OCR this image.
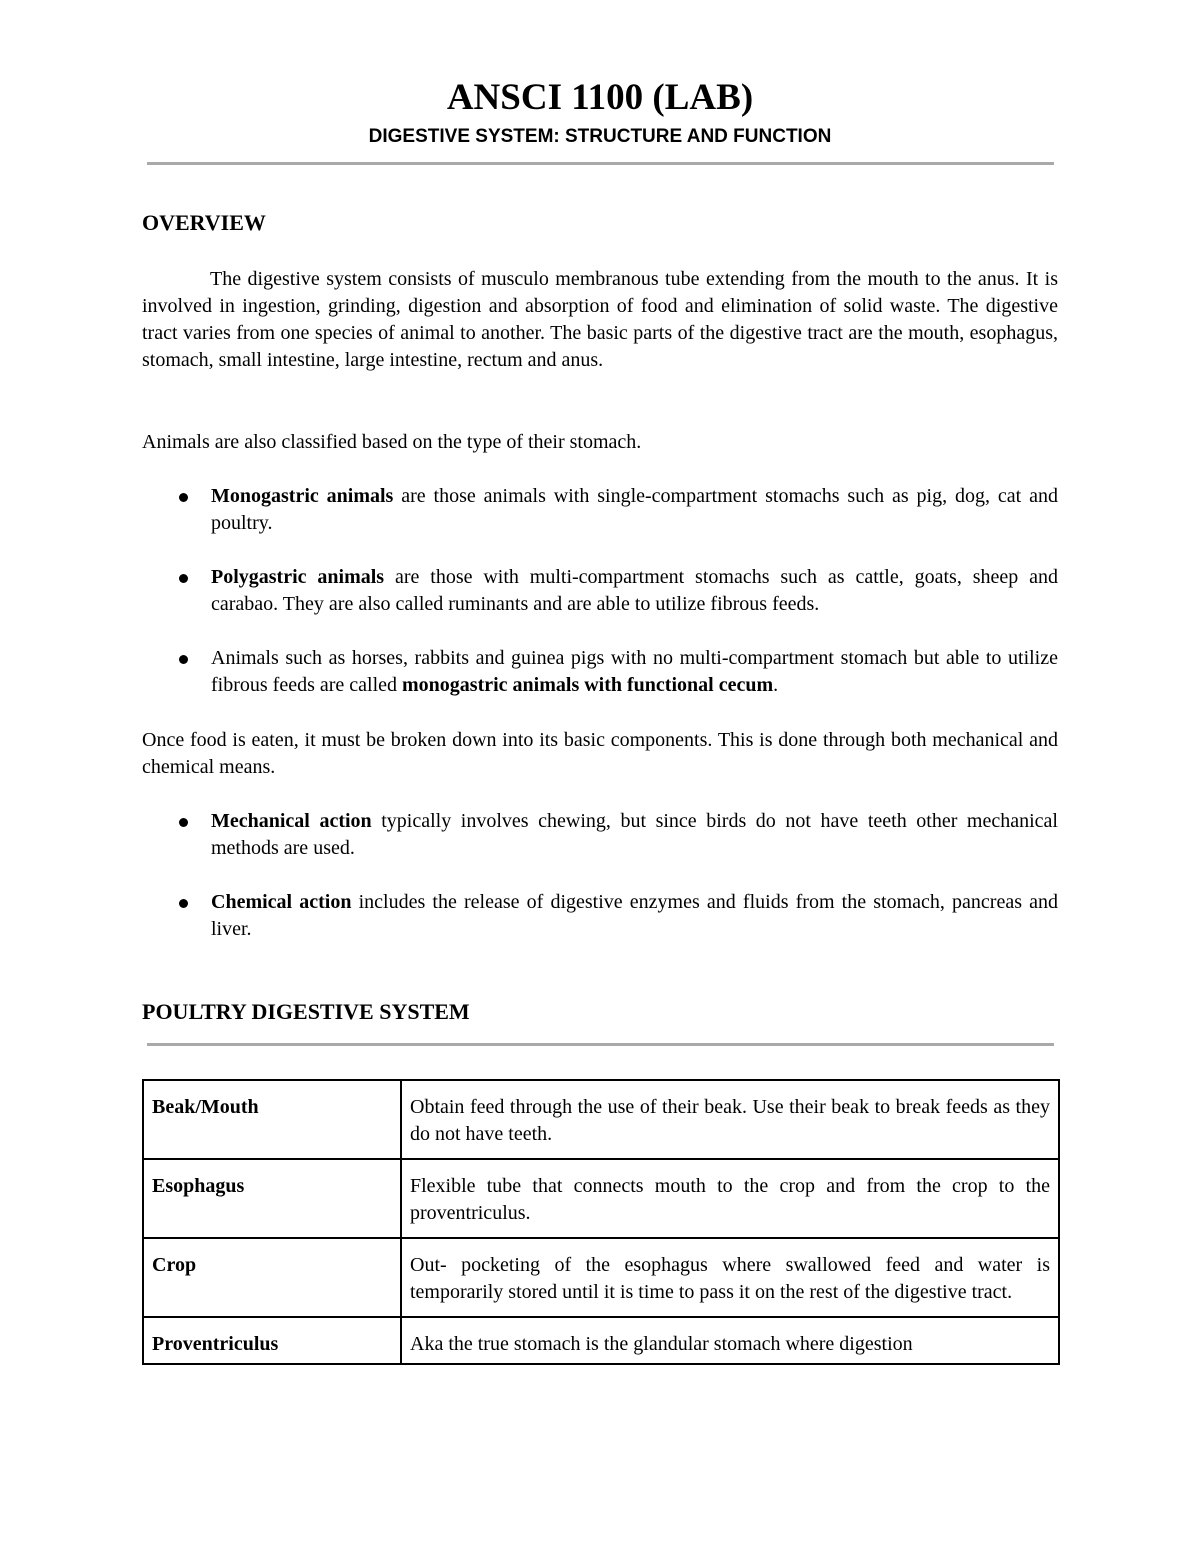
ANSCI 1100 (LAB)
DIGESTIVE SYSTEM: STRUCTURE AND FUNCTION
OVERVIEW

The digestive system consists of musculo membranous tube extending from the mouth to the anus. It is involved in ingestion, grinding, digestion and absorption of food and elimination of solid waste. The digestive tract varies from one species of animal to another. The basic parts of the digestive tract are the mouth, esophagus, stomach, small intestine, large intestine, rectum and anus.

Animals are also classified based on the type of their stomach.

Monogastric animals are those animals with single-compartment stomachs such as pig, dog, cat and poultry.
Polygastric animals are those with multi-compartment stomachs such as cattle, goats, sheep and carabao. They are also called ruminants and are able to utilize fibrous feeds.
Animals such as horses, rabbits and guinea pigs with no multi-compartment stomach but able to utilize fibrous feeds are called monogastric animals with functional cecum.

Once food is eaten, it must be broken down into its basic components. This is done through both mechanical and chemical means.

Mechanical action typically involves chewing, but since birds do not have teeth other mechanical methods are used.
Chemical action includes the release of digestive enzymes and fluids from the stomach, pancreas and liver.
POULTRY DIGESTIVE SYSTEM
Beak/Mouth	Obtain feed through the use of their beak. Use their beak to break feeds as they do not have teeth.
Esophagus	Flexible tube that connects mouth to the crop and from the crop to the proventriculus.
Crop	Out- pocketing of the esophagus where swallowed feed and water is temporarily stored until it is time to pass it on the rest of the digestive tract.
Proventriculus	Aka the true stomach is the glandular stomach where digestion
